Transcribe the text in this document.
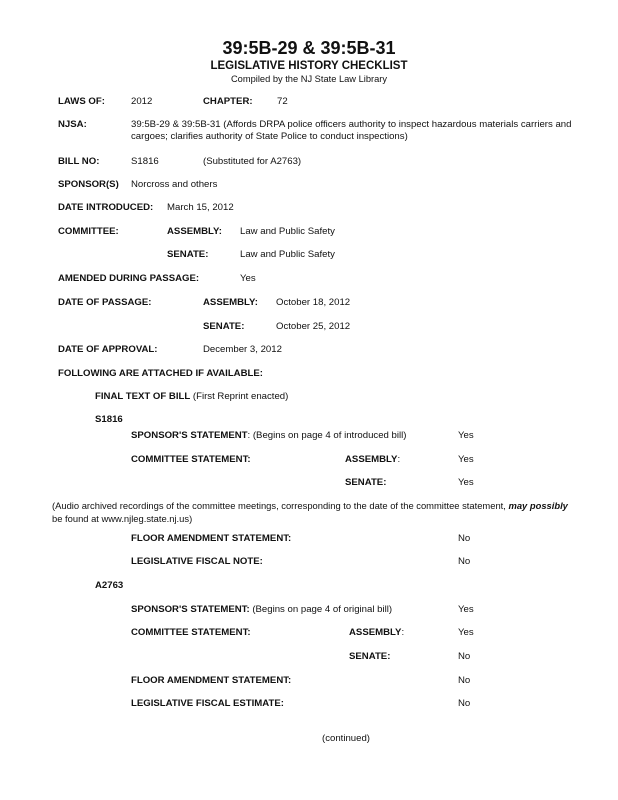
39:5B-29 & 39:5B-31
LEGISLATIVE HISTORY CHECKLIST
Compiled by the NJ State Law Library
LAWS OF:	2012	CHAPTER:	72
NJSA:	39:5B-29 & 39:5B-31 (Affords DRPA police officers authority to inspect hazardous materials carriers and
cargoes; clarifies authority of State Police to conduct inspections)
BILL NO:	S1816	(Substituted for A2763)
SPONSOR(S) Norcross and others
DATE INTRODUCED: March 15, 2012
COMMITTEE:	ASSEMBLY: Law and Public Safety
SENATE:	Law and Public Safety
AMENDED DURING PASSAGE:	Yes
DATE OF PASSAGE:	ASSEMBLY: October 18, 2012
SENATE:	October 25, 2012
DATE OF APPROVAL:	December 3, 2012
FOLLOWING ARE ATTACHED IF AVAILABLE:
FINAL TEXT OF BILL (First Reprint enacted)
S1816
SPONSOR'S STATEMENT: (Begins on page 4 of introduced bill)	Yes
COMMITTEE STATEMENT:	ASSEMBLY:	Yes
SENATE:	Yes
(Audio archived recordings of the committee meetings, corresponding to the date of the committee statement, may possibly
be found at www.njleg.state.nj.us)
FLOOR AMENDMENT STATEMENT:	No
LEGISLATIVE FISCAL NOTE:	No
A2763
SPONSOR'S STATEMENT: (Begins on page 4 of original bill)	Yes
COMMITTEE STATEMENT:	ASSEMBLY:	Yes
SENATE:	No
FLOOR AMENDMENT STATEMENT:	No
LEGISLATIVE FISCAL ESTIMATE:	No
(continued)
